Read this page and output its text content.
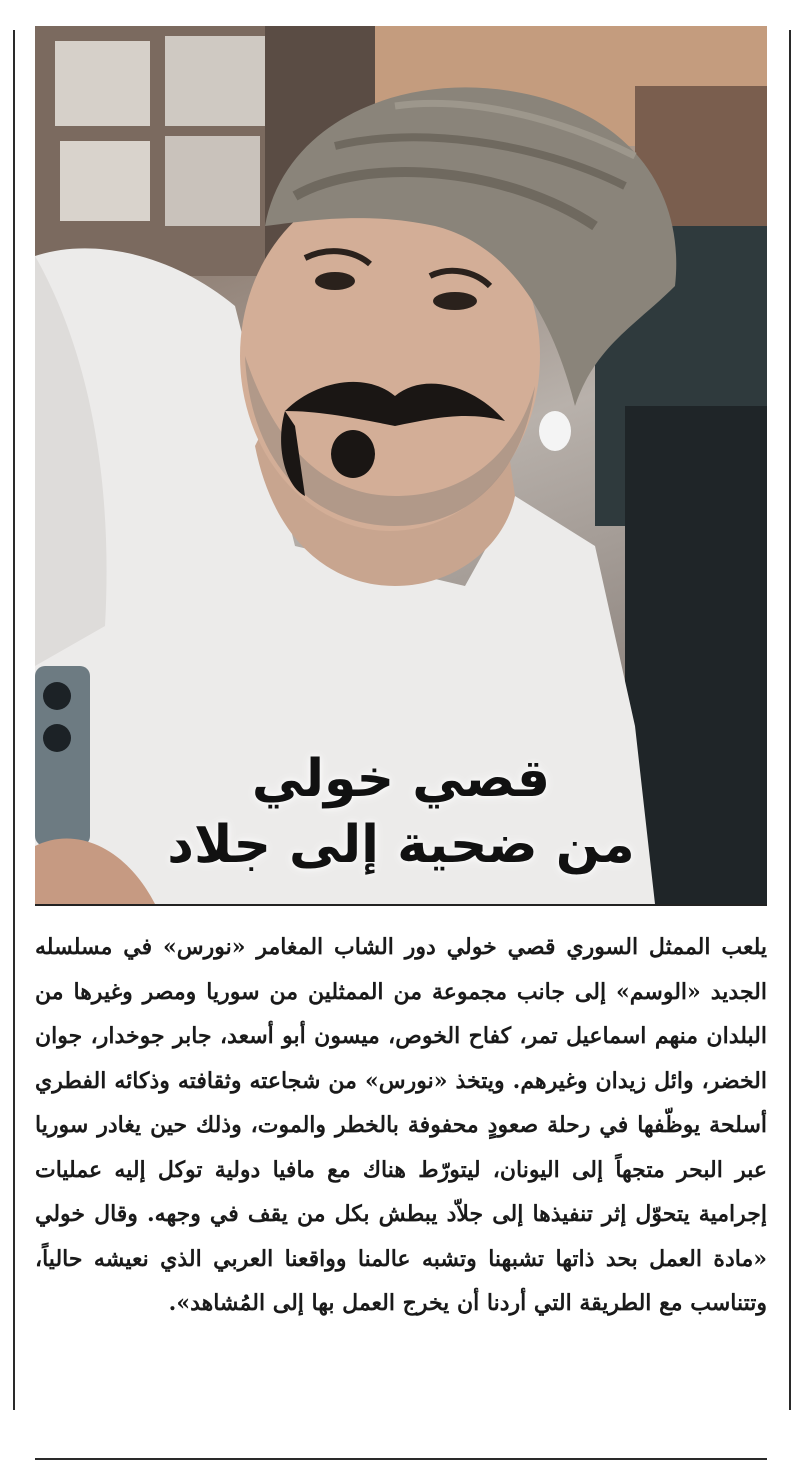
قصي خولي
من ضحية إلى جلاد

يلعب الممثل السوري قصي خولي دور الشاب المغامر «نورس» في مسلسله الجديد «الوسم» إلى جانب مجموعة من الممثلين من سوريا ومصر وغيرها من البلدان منهم اسماعيل تمر، كفاح الخوص، ميسون أبو أسعد، جابر جوخدار، جوان الخضر، وائل زيدان وغيرهم. ويتخذ «نورس» من شجاعته وثقافته وذكائه الفطري أسلحة يوظّفها في رحلة صعودٍ محفوفة بالخطر والموت، وذلك حين يغادر سوريا عبر البحر متجهاً إلى اليونان، ليتورّط هناك مع مافيا دولية توكل إليه عمليات إجرامية يتحوّل إثر تنفيذها إلى جلاّد يبطش بكل من يقف في وجهه. وقال خولي «مادة العمل بحد ذاتها تشبهنا وتشبه عالمنا وواقعنا العربي الذي نعيشه حالياً، وتتناسب مع الطريقة التي أردنا أن يخرج العمل بها إلى المُشاهد».
